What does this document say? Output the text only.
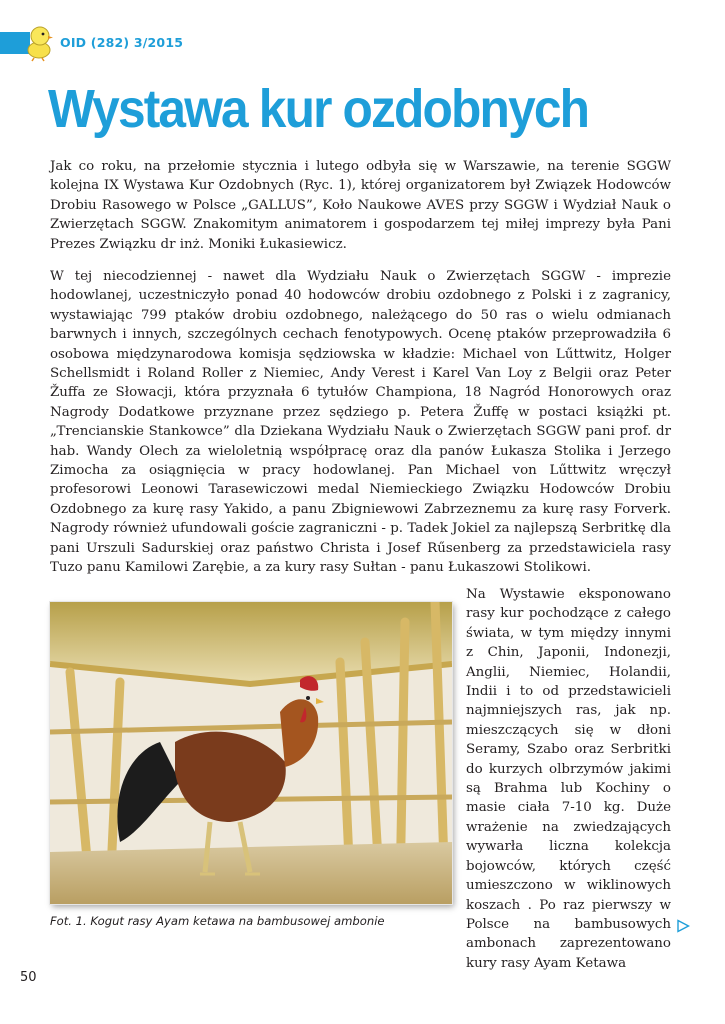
OID (282) 3/2015
Wystawa kur ozdobnych

Jak co roku, na przełomie stycznia i lutego odbyła się w Warszawie, na terenie SGGW kolejna IX Wystawa Kur Ozdobnych (Ryc. 1), której organizatorem był Związek Hodowców Drobiu Rasowego w Polsce „GALLUS”, Koło Naukowe AVES przy SGGW i Wydział Nauk o Zwierzętach SGGW. Znakomitym animatorem i gospodarzem tej miłej imprezy była Pani Prezes Związku dr inż. Moniki Łukasiewicz.

W tej niecodziennej - nawet dla Wydziału Nauk o Zwierzętach SGGW - imprezie hodowlanej, uczestniczyło ponad 40 hodowców drobiu ozdobnego z Polski i z zagranicy, wystawiając 799 ptaków drobiu ozdobnego, należącego do 50 ras o wielu odmianach barwnych i innych, szczególnych cechach fenotypowych. Ocenę ptaków przeprowadziła 6 osobowa międzynarodowa komisja sędziowska w kładzie: Michael von Lűttwitz, Holger Schellsmidt i Roland Roller z Niemiec, Andy Verest i Karel Van Loy z Belgii oraz Peter Žuffa ze Słowacji, która przyznała 6 tytułów Championa, 18 Nagród Honorowych oraz Nagrody Dodatkowe przyznane przez sędziego p. Petera Žuffę w postaci książki pt. „Trencianskie Stankowce” dla Dziekana Wydziału Nauk o Zwierzętach SGGW pani prof. dr hab. Wandy Olech za wieloletnią współpracę oraz dla panów Łukasza Stolika i Jerzego Zimocha za osiągnięcia w pracy hodowlanej. Pan Michael von Lűttwitz wręczył profesorowi Leonowi Tarasewiczowi medal Niemieckiego Związku Hodowców Drobiu Ozdobnego za kurę rasy Yakido, a panu Zbigniewowi Zabrzeznemu za kurę rasy Forverk. Nagrody również ufundowali goście zagraniczni - p. Tadek Jokiel za najlepszą Serbritkę dla pani Urszuli Sadurskiej oraz państwo Christa i Josef Rűsenberg za przedstawiciela rasy Tuzo panu Kamilowi Zarębie, a za kury rasy Sułtan - panu Łukaszowi Stolikowi.

Fot. 1. Kogut rasy Ayam ketawa na bambusowej ambonie

Na Wystawie eksponowano rasy kur pochodzące z całego świata, w tym między innymi z Chin, Japonii, Indonezji, Anglii, Niemiec, Holandii, Indii i to od przedstawicieli najmniejszych ras, jak np. mieszczących się w dłoni Seramy, Szabo oraz Serbritki do kurzych olbrzymów jakimi są Brahma lub Kochiny o masie ciała 7-10 kg. Duże wrażenie na zwiedzających wywarła liczna kolekcja bojowców, których część umieszczono w wiklinowych koszach . Po raz pierwszy w Polsce na bambusowych ambonach zaprezentowano kury rasy Ayam Ketawa

50
